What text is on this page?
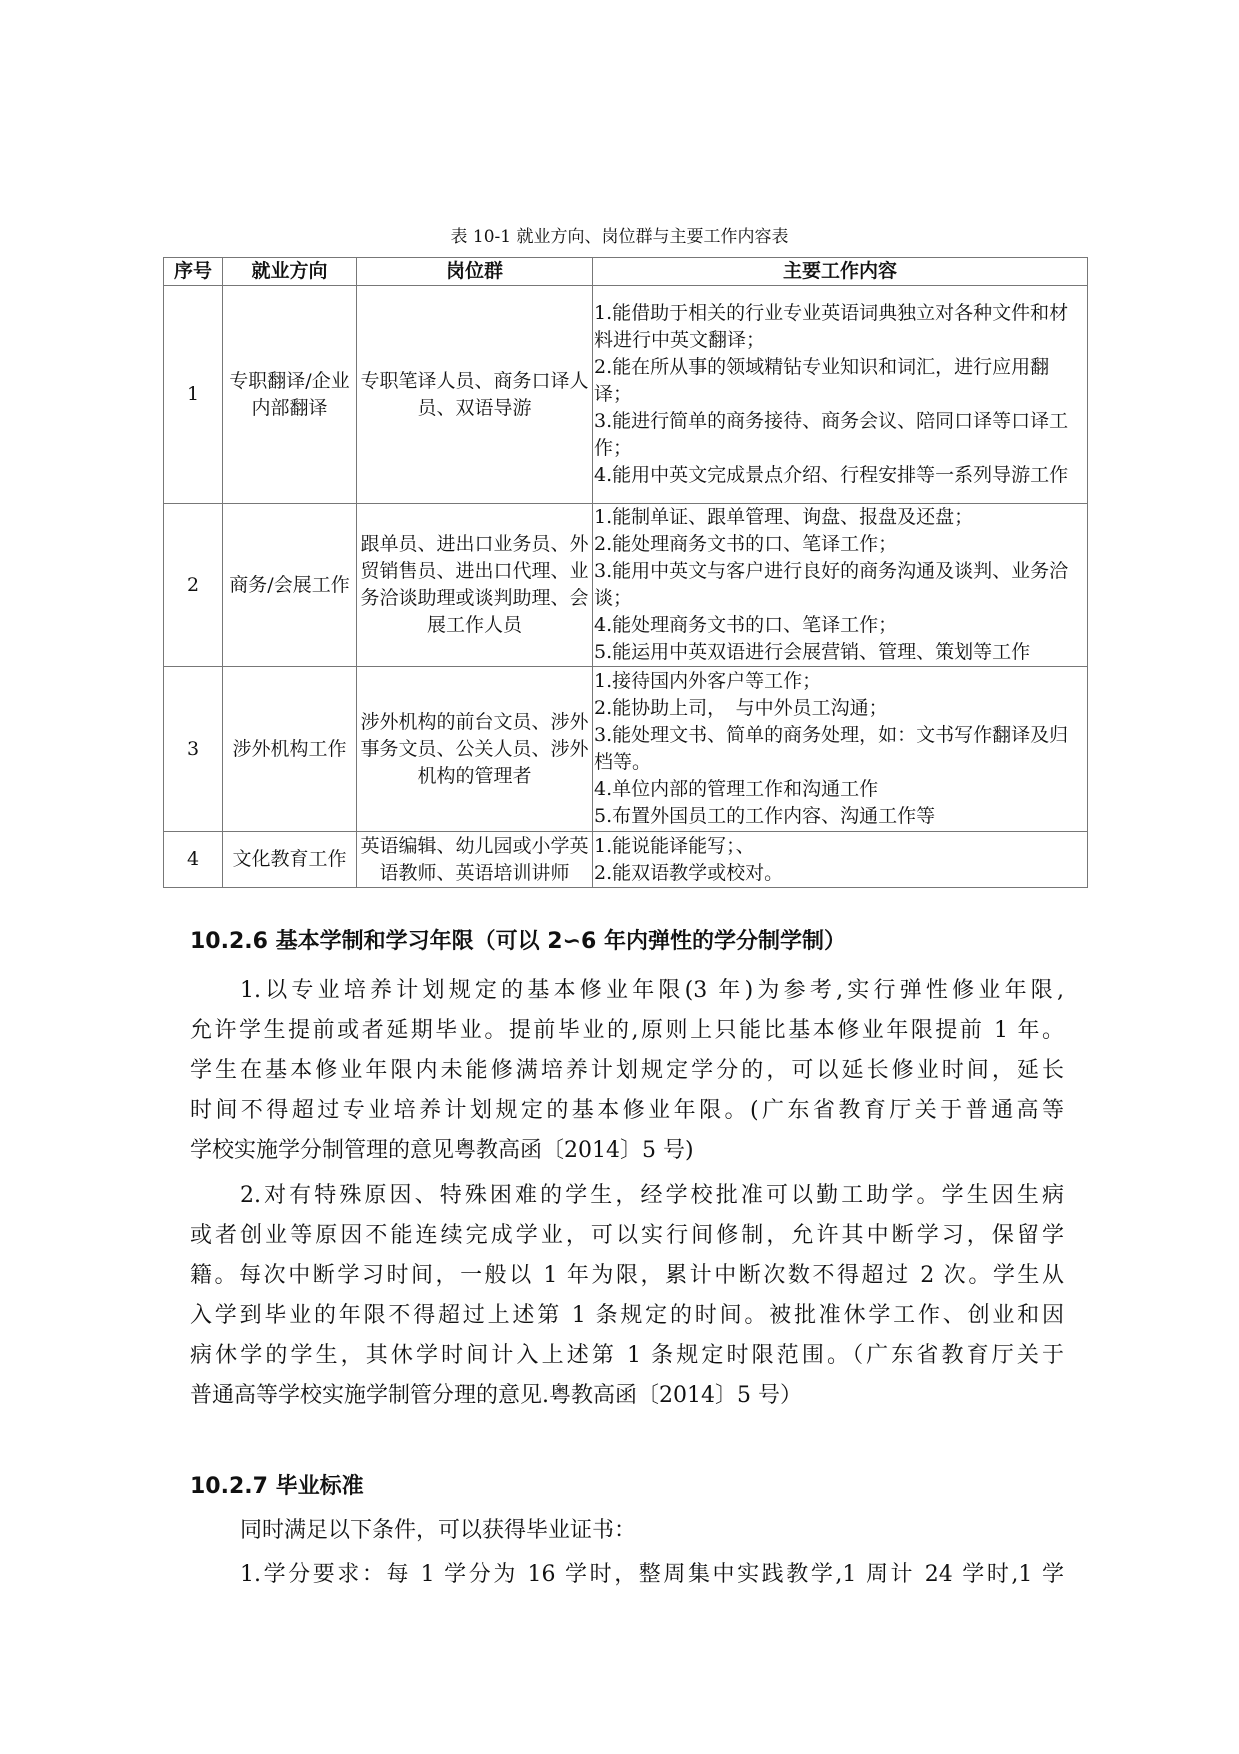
表 10-1 就业方向、岗位群与主要工作内容表
序号	就业方向	岗位群	主要工作内容
1	专职翻译/企业内部翻译	专职笔译人员、商务口译人员、双语导游	1.能借助于相关的行业专业英语词典独立对各种文件和材料进行中英文翻译；
2.能在所从事的领域精钻专业知识和词汇，进行应用翻译；
3.能进行简单的商务接待、商务会议、陪同口译等口译工作；
4.能用中英文完成景点介绍、行程安排等一系列导游工作

2	商务/会展工作	跟单员、进出口业务员、外贸销售员、进出口代理、业务洽谈助理或谈判助理、会展工作人员	1.能制单证、跟单管理、询盘、报盘及还盘；
2.能处理商务文书的口、笔译工作；
3.能用中英文与客户进行良好的商务沟通及谈判、业务洽谈；
4.能处理商务文书的口、笔译工作；
5.能运用中英双语进行会展营销、管理、策划等工作

3	涉外机构工作	涉外机构的前台文员、涉外事务文员、公关人员、涉外机构的管理者	1.接待国内外客户等工作；
2.能协助上司，　与中外员工沟通；
3.能处理文书、简单的商务处理，如：文书写作翻译及归档等。
4.单位内部的管理工作和沟通工作
5.布置外国员工的工作内容、沟通工作等

4	文化教育工作	英语编辑、幼儿园或小学英语教师、英语培训讲师	1.能说能译能写；、
2.能双语教学或校对。
10.2.6 基本学制和学习年限（可以 2∽6 年内弹性的学分制学制）
1.以专业培养计划规定的基本修业年限(3 年)为参考,实行弹性修业年限,
允许学生提前或者延期毕业。提前毕业的,原则上只能比基本修业年限提前 1 年。
学生在基本修业年限内未能修满培养计划规定学分的，可以延长修业时间，延长
时间不得超过专业培养计划规定的基本修业年限。(广东省教育厅关于普通高等
学校实施学分制管理的意见粤教高函〔2014〕5 号)
2.对有特殊原因、特殊困难的学生，经学校批准可以勤工助学。学生因生病
或者创业等原因不能连续完成学业，可以实行间修制，允许其中断学习，保留学
籍。每次中断学习时间，一般以 1 年为限，累计中断次数不得超过 2 次。学生从
入学到毕业的年限不得超过上述第 1 条规定的时间。被批准休学工作、创业和因
病休学的学生，其休学时间计入上述第 1 条规定时限范围。（广东省教育厅关于
普通高等学校实施学制管分理的意见.粤教高函〔2014〕5 号）
10.2.7 毕业标准
同时满足以下条件，可以获得毕业证书：
1.学分要求：每 1 学分为 16 学时，整周集中实践教学,1 周计 24 学时,1 学
